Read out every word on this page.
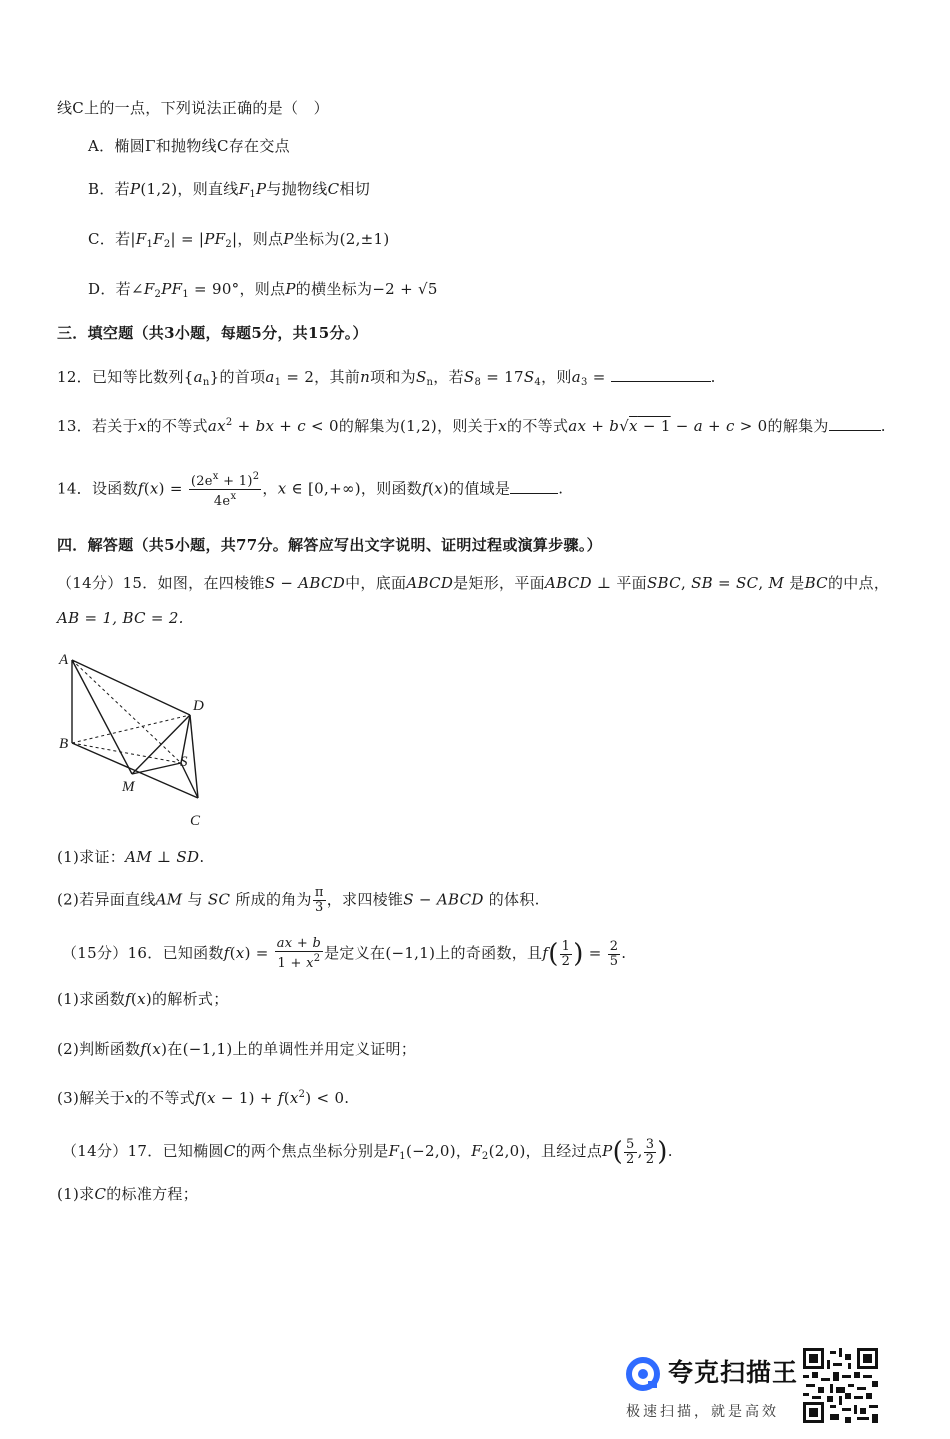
线C上的一点，下列说法正确的是（　）
A．椭圆Γ和抛物线C存在交点
B．若P(1,2)，则直线$F_1P$与抛物线C相切
C．若$|F_1F_2| = |PF_2|$，则点P坐标为(2,±1)
D．若$\angle F_2PF_1 = 90^\circ$，则点P的横坐标为−2 + √5
三．填空题（共3小题，每题5分，共15分。）
12．已知等比数列$\{a_n\}$的首项$a_1 = 2$，其前n项和为$S_n$，若$S_8 = 17S_4$，则$a_3$ =	.
13．若关于x的不等式$ax^2$ + bx + c < 0的解集为(1,2)，则关于x的不等式ax + b√x − 1 − a + c > 0的解集为	.
14．设函数$f(x) = \frac{(2e^x + 1)^2}{4e^x}$ ，x ∈ [0,+∞)，则函数f(x)的值域是	.
四．解答题（共5小题，共77分。解答应写出文字说明、证明过程或演算步骤。）
（14分）15．如图，在四棱锥S − ABCD中，底面ABCD是矩形，平面ABCD ⊥ 平面SBC, SB = SC, M 是BC的中点，
AB = 1, BC = 2.
A
B
C
D
S
M
(1)求证：AM ⊥ SD.
(2)若异面直线AM 与 SC 所成的角为 $\frac{\pi}{3}$ ，求四棱锥S − ABCD 的体积.
（15分）16．已知函数$f(x) = \frac{ax + b}{1 + x^2}$ 是定义在(−1,1)上的奇函数，且$f( \frac{1}{2}$ ) = $\frac{2}{5}$ .
(1)求函数f(x)的解析式；
(2)判断函数f(x)在(−1,1)上的单调性并用定义证明；
(3)解关于x的不等式$f(x - 1) + f(x^2) < 0$.
（14分）17．已知椭圆C的两个焦点坐标分别是$F_1(-2,0)$，$F_2(2,0)$，且经过点$P( \frac{5}{2}$ , $\frac{3}{2}$ ).
(1)求C的标准方程；
夸克扫描王
极速扫描，就是高效
